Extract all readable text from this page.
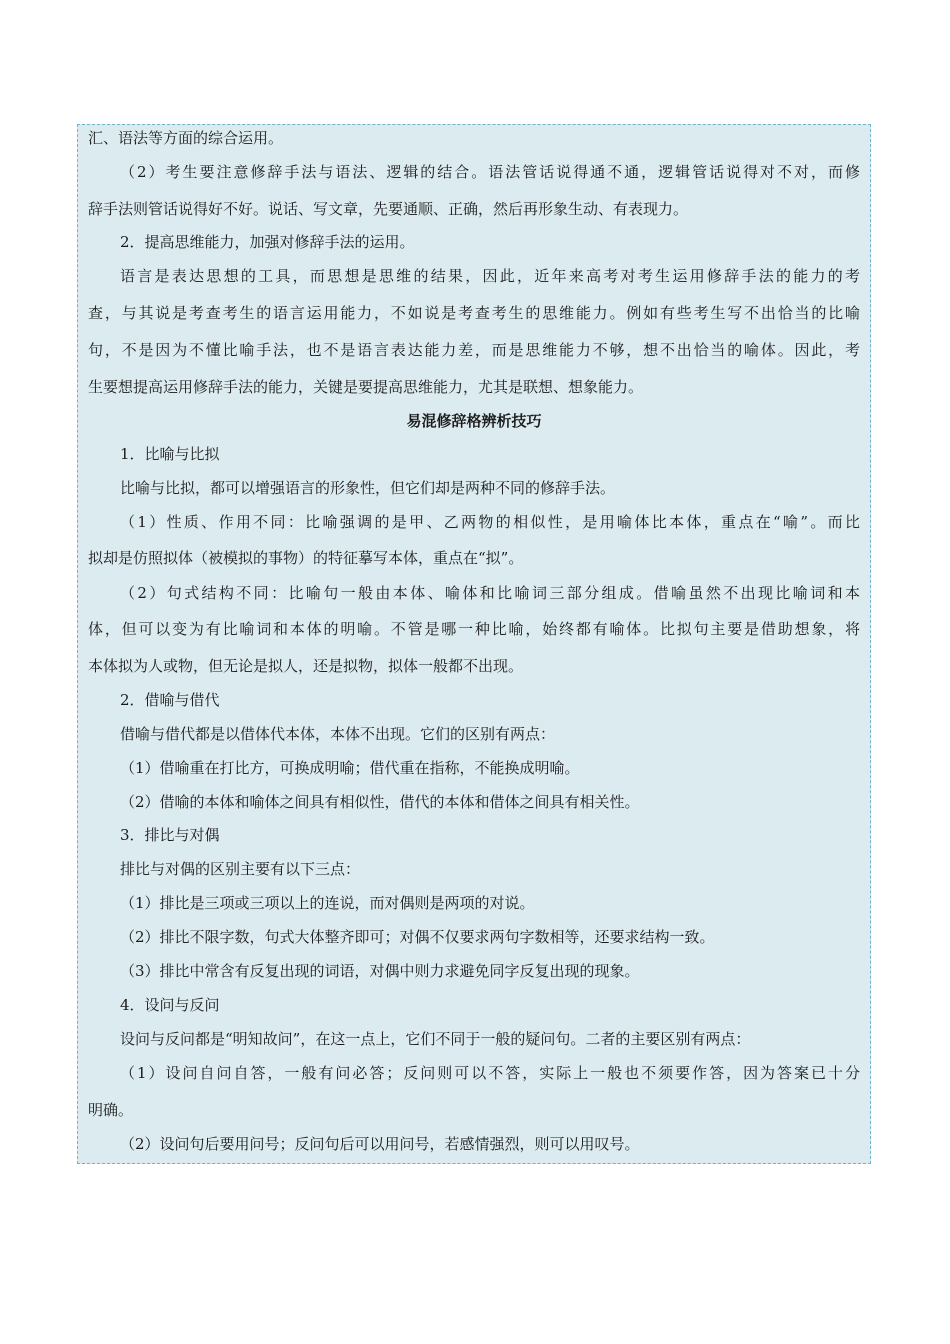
汇、语法等方面的综合运用。
（2）考生要注意修辞手法与语法、逻辑的结合。语法管话说得通不通，逻辑管话说得对不对，而修
辞手法则管话说得好不好。说话、写文章，先要通顺、正确，然后再形象生动、有表现力。
2．提高思维能力，加强对修辞手法的运用。
语言是表达思想的工具，而思想是思维的结果，因此，近年来高考对考生运用修辞手法的能力的考
查，与其说是考查考生的语言运用能力，不如说是考查考生的思维能力。例如有些考生写不出恰当的比喻
句，不是因为不懂比喻手法，也不是语言表达能力差，而是思维能力不够，想不出恰当的喻体。因此，考
生要想提高运用修辞手法的能力，关键是要提高思维能力，尤其是联想、想象能力。
易混修辞格辨析技巧
1．比喻与比拟
比喻与比拟，都可以增强语言的形象性，但它们却是两种不同的修辞手法。
（1）性质、作用不同：比喻强调的是甲、乙两物的相似性，是用喻体比本体，重点在“喻”。而比
拟却是仿照拟体（被模拟的事物）的特征摹写本体，重点在“拟”。
（2）句式结构不同：比喻句一般由本体、喻体和比喻词三部分组成。借喻虽然不出现比喻词和本
体，但可以变为有比喻词和本体的明喻。不管是哪一种比喻，始终都有喻体。比拟句主要是借助想象，将
本体拟为人或物，但无论是拟人，还是拟物，拟体一般都不出现。
2．借喻与借代
借喻与借代都是以借体代本体，本体不出现。它们的区别有两点：
（1）借喻重在打比方，可换成明喻；借代重在指称，不能换成明喻。
（2）借喻的本体和喻体之间具有相似性，借代的本体和借体之间具有相关性。
3．排比与对偶
排比与对偶的区别主要有以下三点：
（1）排比是三项或三项以上的连说，而对偶则是两项的对说。
（2）排比不限字数，句式大体整齐即可；对偶不仅要求两句字数相等，还要求结构一致。
（3）排比中常含有反复出现的词语，对偶中则力求避免同字反复出现的现象。
4．设问与反问
设问与反问都是“明知故问”，在这一点上，它们不同于一般的疑问句。二者的主要区别有两点：
（1）设问自问自答，一般有问必答；反问则可以不答，实际上一般也不须要作答，因为答案已十分
明确。
（2）设问句后要用问号；反问句后可以用问号，若感情强烈，则可以用叹号。
